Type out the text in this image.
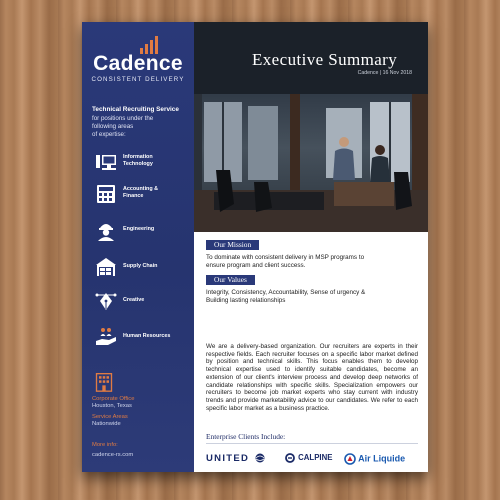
Cadence
CONSISTENT DELIVERY
Technical Recruiting Service
for positions under the
following areas
of expertise:
Information
Technology
Accounting &
Finance
Engineering
Supply Chain
Creative
Human Resources
Corporate Office
Houston, Texas
Service Areas
Nationwide
More info:
cadence-rs.com
Executive Summary
Cadence | 16 Nov 2018
Our Mission
To dominate with consistent delivery in MSP programs to
ensure program and client success.
Our Values
Integrity, Consistency, Accountability, Sense of urgency &
Building lasting relationships
We are a delivery-based organization. Our recruiters are experts in their respective fields. Each recruiter focuses on a specific labor market defined by position and technical skills. This focus enables them to develop technical expertise used to identify suitable candidates, become an extension of our client's interview process and develop deep networks of candidate relationships with specific skills. Specialization empowers our recruiters to become job market experts who stay current with industry trends and provide marketability advice to our candidates. We refer to each specific labor market as a business practice.
Enterprise Clients Include:
UNITED	CALPINE	Air Liquide
